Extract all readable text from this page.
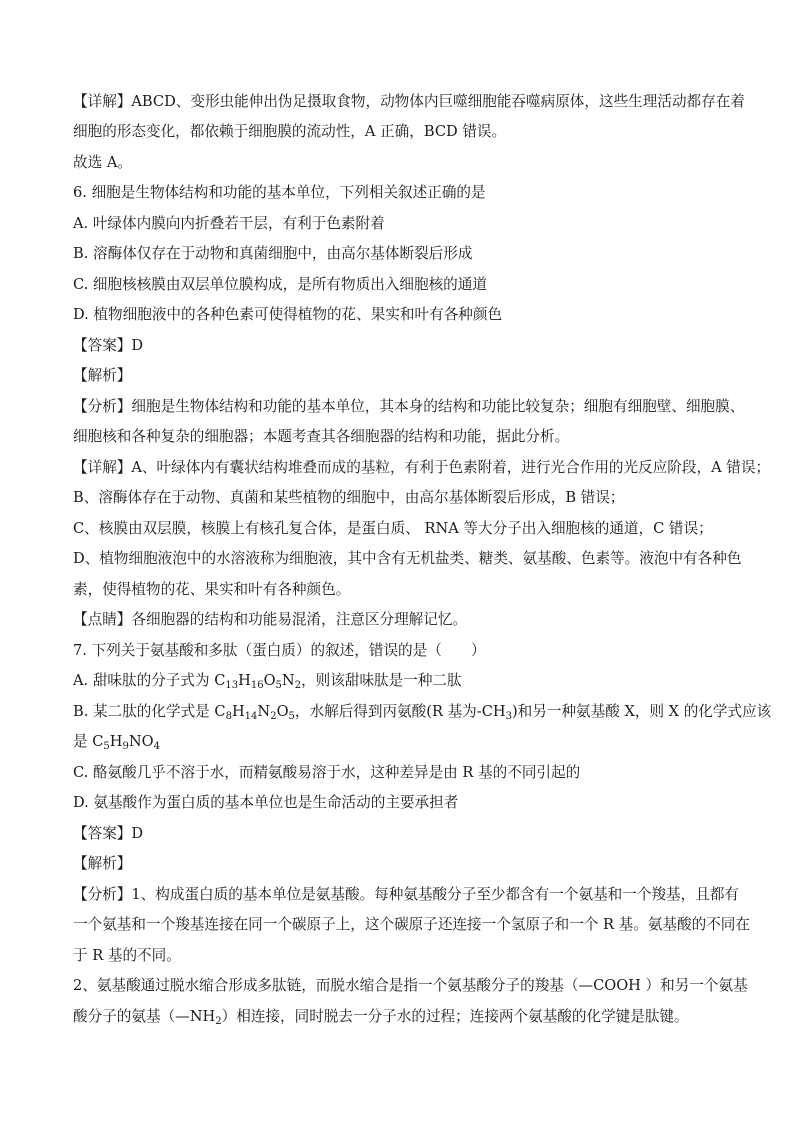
【详解】ABCD、变形虫能伸出伪足摄取食物，动物体内巨噬细胞能吞噬病原体，这些生理活动都存在着
细胞的形态变化，都依赖于细胞膜的流动性，A 正确，BCD 错误。
故选 A。
6. 细胞是生物体结构和功能的基本单位，下列相关叙述正确的是
A. 叶绿体内膜向内折叠若干层，有利于色素附着
B. 溶酶体仅存在于动物和真菌细胞中，由高尔基体断裂后形成
C. 细胞核核膜由双层单位膜构成，是所有物质出入细胞核的通道
D. 植物细胞液中的各种色素可使得植物的花、果实和叶有各种颜色
【答案】D
【解析】
【分析】细胞是生物体结构和功能的基本单位，其本身的结构和功能比较复杂；细胞有细胞壁、细胞膜、
细胞核和各种复杂的细胞器；本题考查其各细胞器的结构和功能，据此分析。
【详解】A、叶绿体内有囊状结构堆叠而成的基粒，有利于色素附着，进行光合作用的光反应阶段，A 错误；
B、溶酶体存在于动物、真菌和某些植物的细胞中，由高尔基体断裂后形成，B 错误；
C、核膜由双层膜，核膜上有核孔复合体，是蛋白质、 RNA 等大分子出入细胞核的通道，C 错误；
D、植物细胞液泡中的水溶液称为细胞液，其中含有无机盐类、糖类、氨基酸、色素等。液泡中有各种色
素，使得植物的花、果实和叶有各种颜色。
【点睛】各细胞器的结构和功能易混淆，注意区分理解记忆。
7. 下列关于氨基酸和多肽（蛋白质）的叙述，错误的是（　　）
A. 甜味肽的分子式为 $C_{13}H_{16}O_5N_2$，则该甜味肽是一种二肽
B. 某二肽的化学式是 $C_8H_{14}N_2O_5$，水解后得到丙氨酸(R 基为$-CH_3$)和另一种氨基酸 X，则 X 的化学式应该
是 $C_5H_9NO_4$
C. 酪氨酸几乎不溶于水，而精氨酸易溶于水，这种差异是由 R 基的不同引起的
D. 氨基酸作为蛋白质的基本单位也是生命活动的主要承担者
【答案】D
【解析】
【分析】1、构成蛋白质的基本单位是氨基酸。每种氨基酸分子至少都含有一个氨基和一个羧基，且都有
一个氨基和一个羧基连接在同一个碳原子上，这个碳原子还连接一个氢原子和一个 R 基。氨基酸的不同在
于 R 基的不同。
2、氨基酸通过脱水缩合形成多肽链，而脱水缩合是指一个氨基酸分子的羧基（—COOH ）和另一个氨基
酸分子的氨基$(—NH_2)$相连接，同时脱去一分子水的过程；连接两个氨基酸的化学键是肽键。
